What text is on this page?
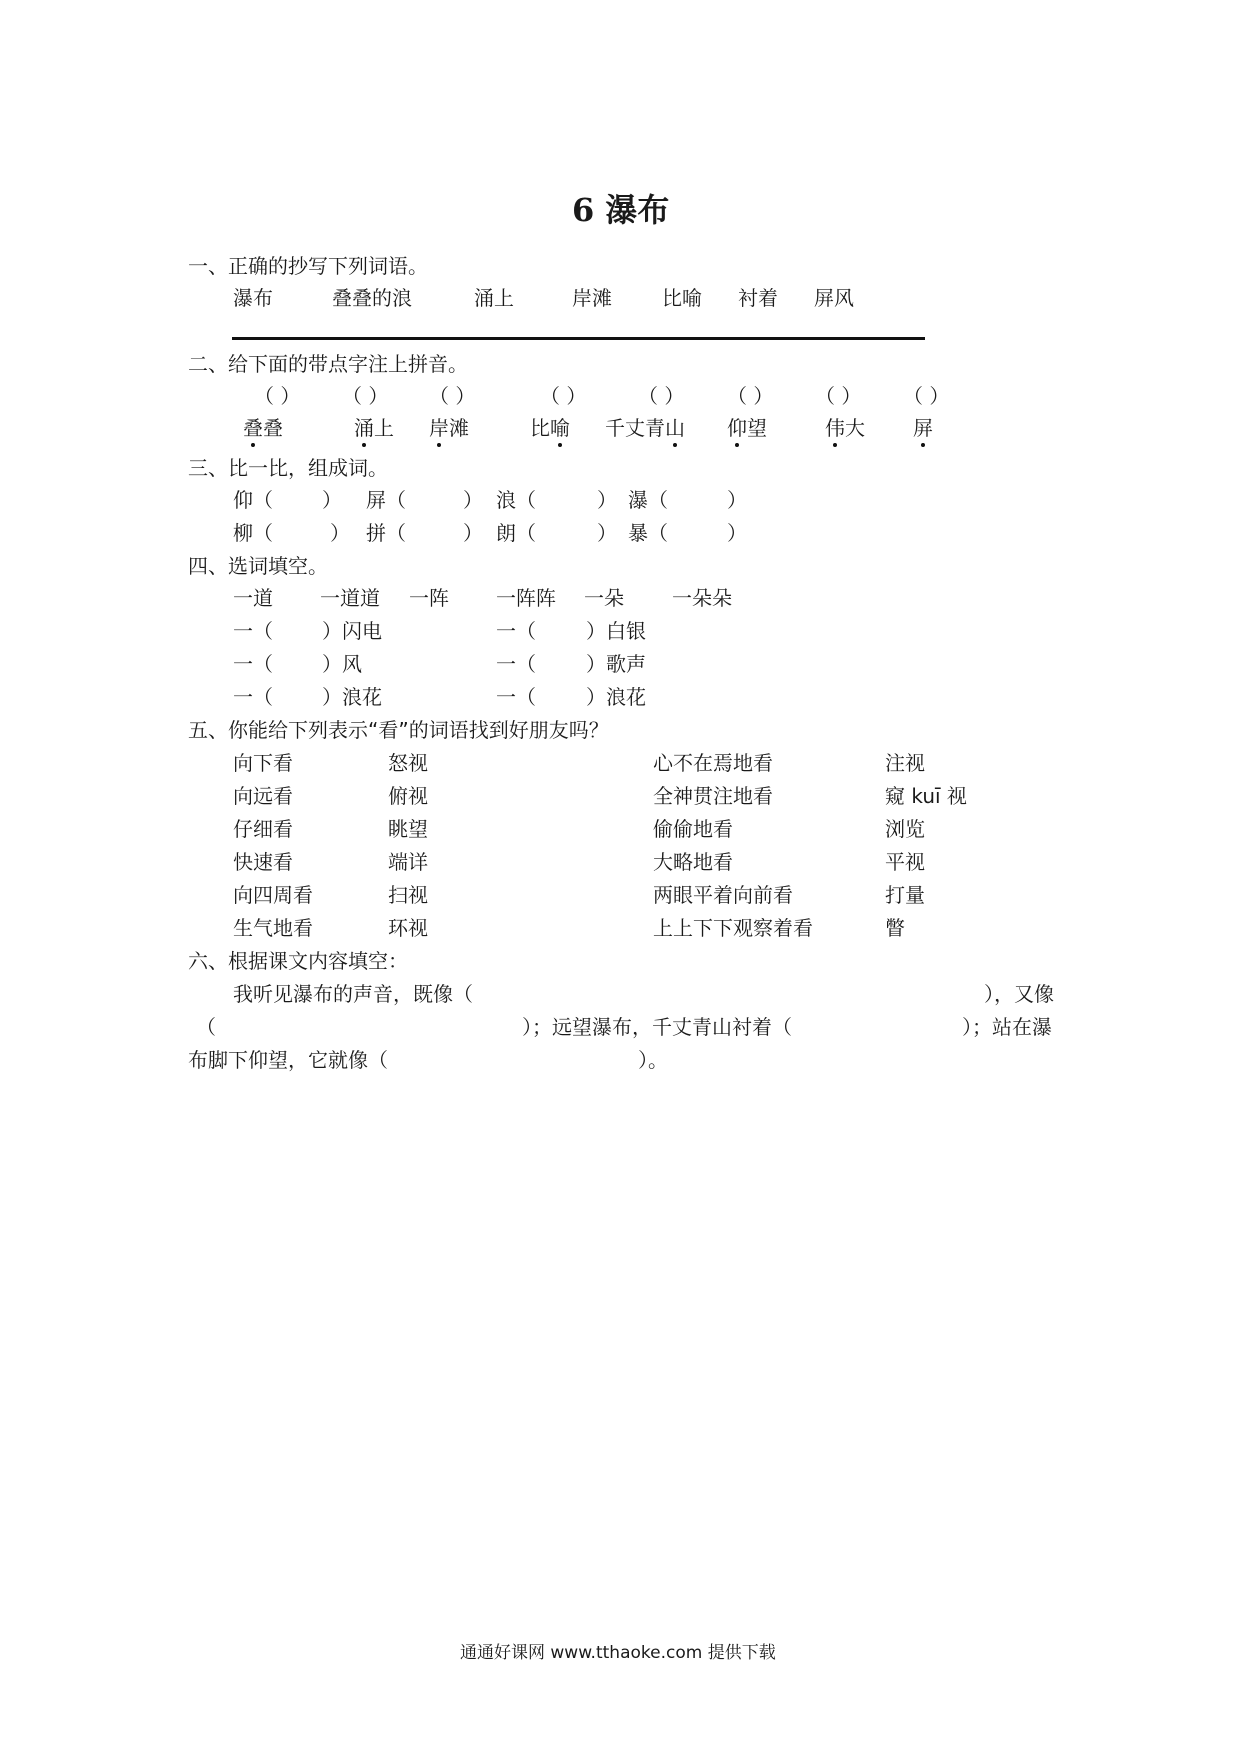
6 瀑布
一、正确的抄写下列词语。
瀑布	叠叠的浪	涌上	岸滩	比喻 衬着 屏风
二、给下面的带点字注上拼音。
（ ） （ ） （ ）	（ ）	（ ） （ ） （ ） （ ）
叠叠	涌上 岸滩	比喻 千丈青山 仰望	伟大 屏
三、比一比，组成词。
仰（ ） 屏（	） 浪（	） 瀑（	）
柳（	） 拼（	） 朗（	） 暴（	）
四、选词填空。
一道 一道道 一阵 一阵阵 一朵 一朵朵
一（ ）闪电	一（	）白银
一（ ）风	一（	）歌声
一（ ）浪花	一（	）浪花
五、你能给下列表示“看”的词语找到好朋友吗？
向下看	怒视	心不在焉地看	注视
向远看	俯视	全神贯注地看	窥 kuī 视
仔细看	眺望	偷偷地看	浏览
快速看	端详	大略地看	平视
向四周看	扫视	两眼平着向前看	打量
生气地看	环视	上上下下观察着看	瞥
六、根据课文内容填空：
我听见瀑布的声音，既像（	），又像
（	）；远望瀑布，千丈青山衬着（	）；站在瀑
布脚下仰望，它就像（	）。
通通好课网 www.tthaoke.com 提供下载
